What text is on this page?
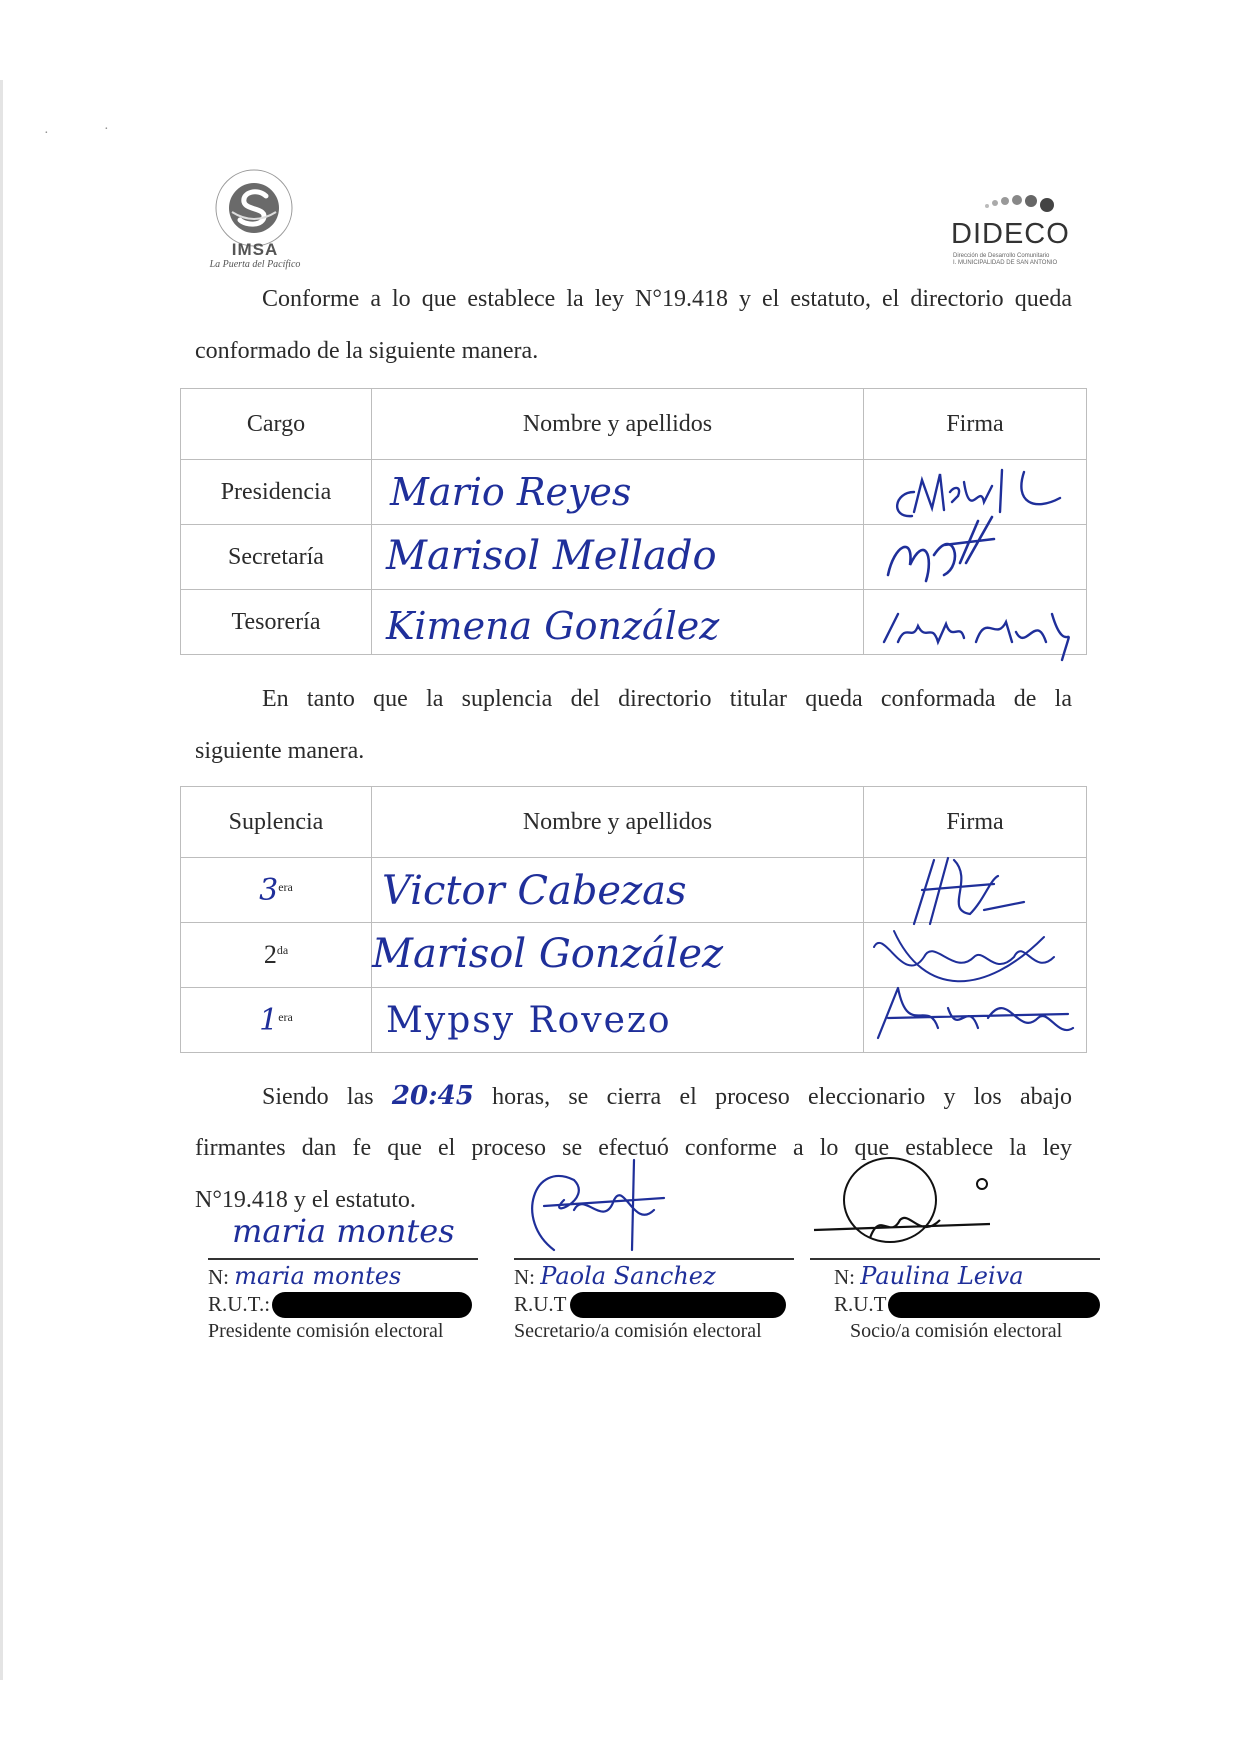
·	·
IMSA
La Puerta del Pacífico
DIDECO
Dirección de Desarrollo Comunitario
I. MUNICIPALIDAD DE SAN ANTONIO
Conforme a lo que establece la ley N°19.418 y el estatuto, el directorio queda
conformado de la siguiente manera.
Cargo	Nombre y apellidos	Firma
Presidencia	Mario Reyes

Secretaría	Marisol Mellado

Tesorería	Kimena González

En tanto que la suplencia del directorio titular queda conformada de la
siguiente manera.
Suplencia	Nombre y apellidos	Firma
$3^{era}$	Victor Cabezas

$2^{da}$	Marisol González

$1^{era}$	Mypsy Rovezo

Siendo las 20:45 horas, se cierra el proceso eleccionario y los abajo
firmantes dan fe que el proceso se efectuó conforme a lo que establece la ley
N°19.418 y el estatuto.
maria montes
N: maria montes
R.U.T.:
Presidente comisión electoral
N: Paola Sanchez
R.U.T
Secretario/a comisión electoral
N: Paulina Leiva
R.U.T
Socio/a comisión electoral
